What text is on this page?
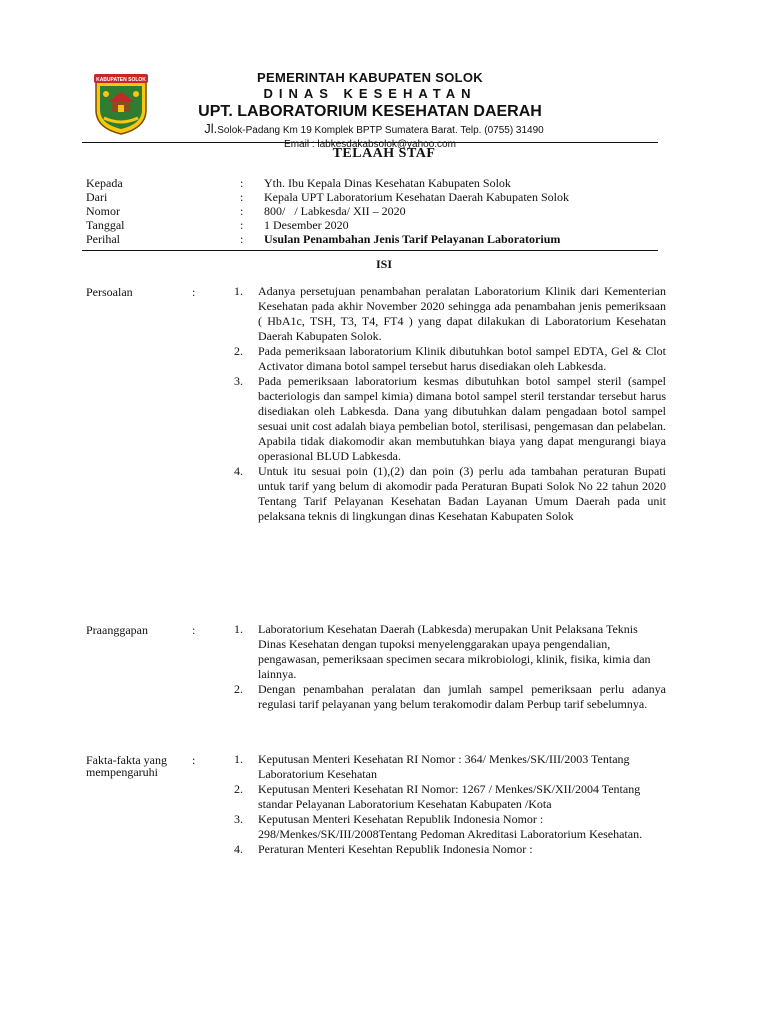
KABUPATEN SOLOK	PEMERINTAH KABUPATEN SOLOK
DINAS KESEHATAN
UPT. LABORATORIUM KESEHATAN DAERAH
Jl.Solok-Padang Km 19 Komplek BPTP Sumatera Barat. Telp. (0755) 31490
Email : labkesdakabsolok@yahoo.com
TELAAH STAF
Kepada	: Yth. Ibu Kepala Dinas Kesehatan Kabupaten Solok
Dari	: Kepala UPT Laboratorium Kesehatan Daerah Kabupaten Solok
Nomor	: 800/   / Labkesda/ XII – 2020
Tanggal	: 1 Desember 2020
Perihal	: Usulan Penambahan Jenis Tarif Pelayanan Laboratorium
ISI
Persoalan	:	1. Adanya persetujuan penambahan peralatan Laboratorium Klinik dari Kementerian Kesehatan pada akhir November 2020 sehingga ada penambahan jenis pemeriksaan ( HbA1c, TSH, T3, T4, FT4 ) yang dapat dilakukan di Laboratorium Kesehatan Daerah Kabupaten Solok.
2. Pada pemeriksaan laboratorium Klinik dibutuhkan botol sampel EDTA, Gel & Clot Activator dimana botol sampel tersebut harus disediakan oleh Labkesda.
3. Pada pemeriksaan laboratorium kesmas dibutuhkan botol sampel steril (sampel bacteriologis dan sampel kimia) dimana botol sampel steril terstandar tersebut harus disediakan oleh Labkesda. Dana yang dibutuhkan dalam pengadaan botol sampel sesuai unit cost adalah biaya pembelian botol, sterilisasi, pengemasan dan pelabelan. Apabila tidak diakomodir akan membutuhkan biaya yang dapat mengurangi biaya operasional BLUD Labkesda.
4. Untuk itu sesuai poin (1),(2) dan poin (3) perlu ada tambahan peraturan Bupati untuk tarif yang belum di akomodir pada Peraturan Bupati Solok No 22 tahun 2020 Tentang Tarif Pelayanan Kesehatan Badan Layanan Umum Daerah pada unit pelaksana teknis di lingkungan dinas Kesehatan Kabupaten Solok
Praanggapan	:	1. Laboratorium Kesehatan Daerah (Labkesda) merupakan Unit Pelaksana Teknis Dinas Kesehatan dengan tupoksi menyelenggarakan upaya pengendalian, pengawasan, pemeriksaan specimen secara mikrobiologi, klinik, fisika, kimia dan lainnya.
2. Dengan penambahan peralatan dan jumlah sampel pemeriksaan perlu adanya regulasi tarif pelayanan yang belum terakomodir dalam Perbup tarif sebelumnya.
Fakta-fakta yang mempengaruhi
:	1. Keputusan Menteri Kesehatan RI Nomor : 364/ Menkes/SK/III/2003 Tentang Laboratorium Kesehatan
2. Keputusan Menteri Kesehatan RI Nomor: 1267 / Menkes/SK/XII/2004 Tentang standar Pelayanan Laboratorium Kesehatan Kabupaten /Kota
3. Keputusan Menteri Kesehatan Republik Indonesia Nomor : 298/Menkes/SK/III/2008Tentang Pedoman Akreditasi Laboratorium Kesehatan.
4. Peraturan Menteri Kesehtan Republik Indonesia Nomor :
